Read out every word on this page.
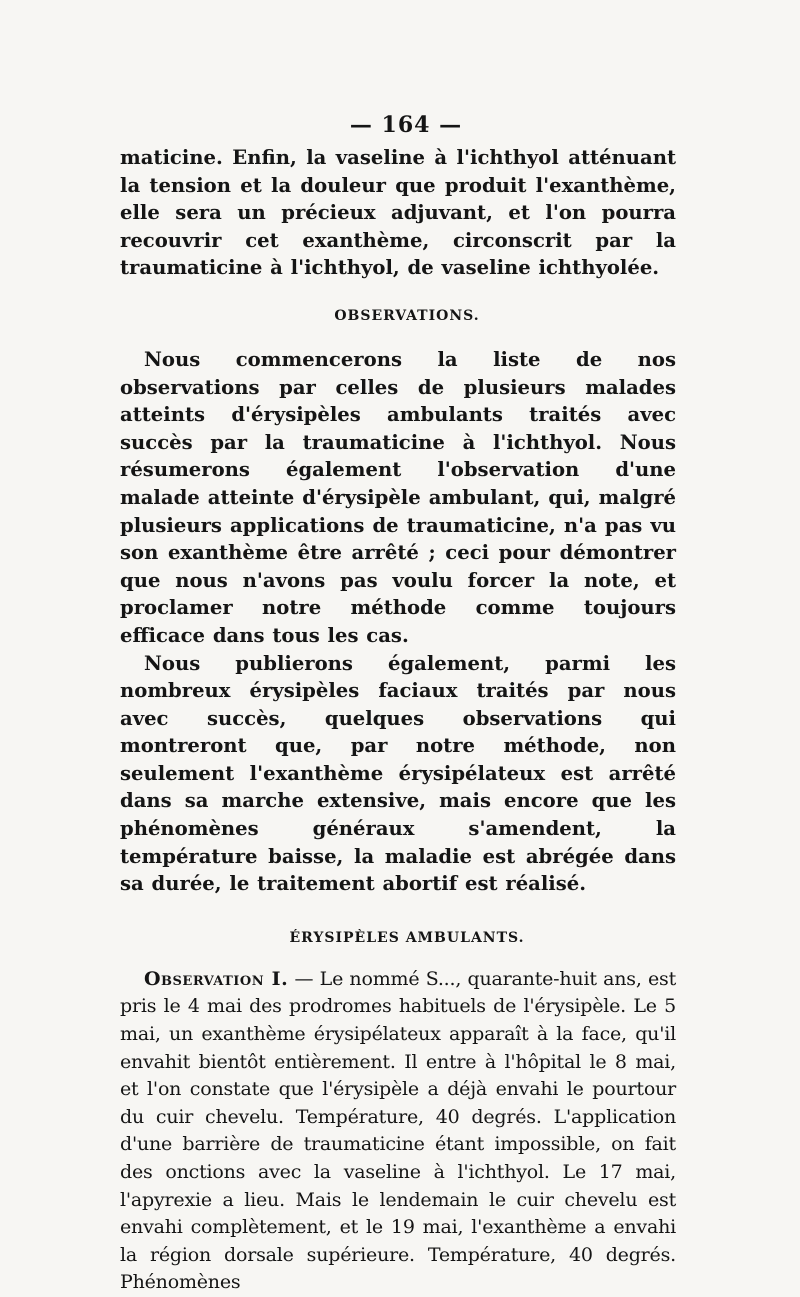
— 164 —

maticine. Enfin, la vaseline à l'ichthyol atténuant la tension et la douleur que produit l'exanthème, elle sera un précieux adjuvant, et l'on pourra recouvrir cet exanthème, circonscrit par la traumaticine à l'ichthyol, de vaseline ichthyolée.

OBSERVATIONS.

Nous commencerons la liste de nos observations par celles de plusieurs malades atteints d'érysipèles ambulants traités avec succès par la traumaticine à l'ichthyol. Nous résumerons également l'observation d'une malade atteinte d'érysipèle ambulant, qui, malgré plusieurs applications de traumaticine, n'a pas vu son exanthème être arrêté ; ceci pour démontrer que nous n'avons pas voulu forcer la note, et proclamer notre méthode comme toujours efficace dans tous les cas.

Nous publierons également, parmi les nombreux érysipèles faciaux traités par nous avec succès, quelques observations qui montreront que, par notre méthode, non seulement l'exanthème érysipélateux est arrêté dans sa marche extensive, mais encore que les phénomènes généraux s'amendent, la température baisse, la maladie est abrégée dans sa durée, le traitement abortif est réalisé.

ÉRYSIPÈLES AMBULANTS.

Observation I. — Le nommé S..., quarante-huit ans, est pris le 4 mai des prodromes habituels de l'érysipèle. Le 5 mai, un exanthème érysipélateux apparaît à la face, qu'il envahit bientôt entièrement. Il entre à l'hôpital le 8 mai, et l'on constate que l'érysipèle a déjà envahi le pourtour du cuir chevelu. Température, 40 degrés. L'application d'une barrière de traumaticine étant impossible, on fait des onctions avec la vaseline à l'ichthyol. Le 17 mai, l'apyrexie a lieu. Mais le lendemain le cuir chevelu est envahi complètement, et le 19 mai, l'exanthème a envahi la région dorsale supérieure. Température, 40 degrés. Phénomènes
